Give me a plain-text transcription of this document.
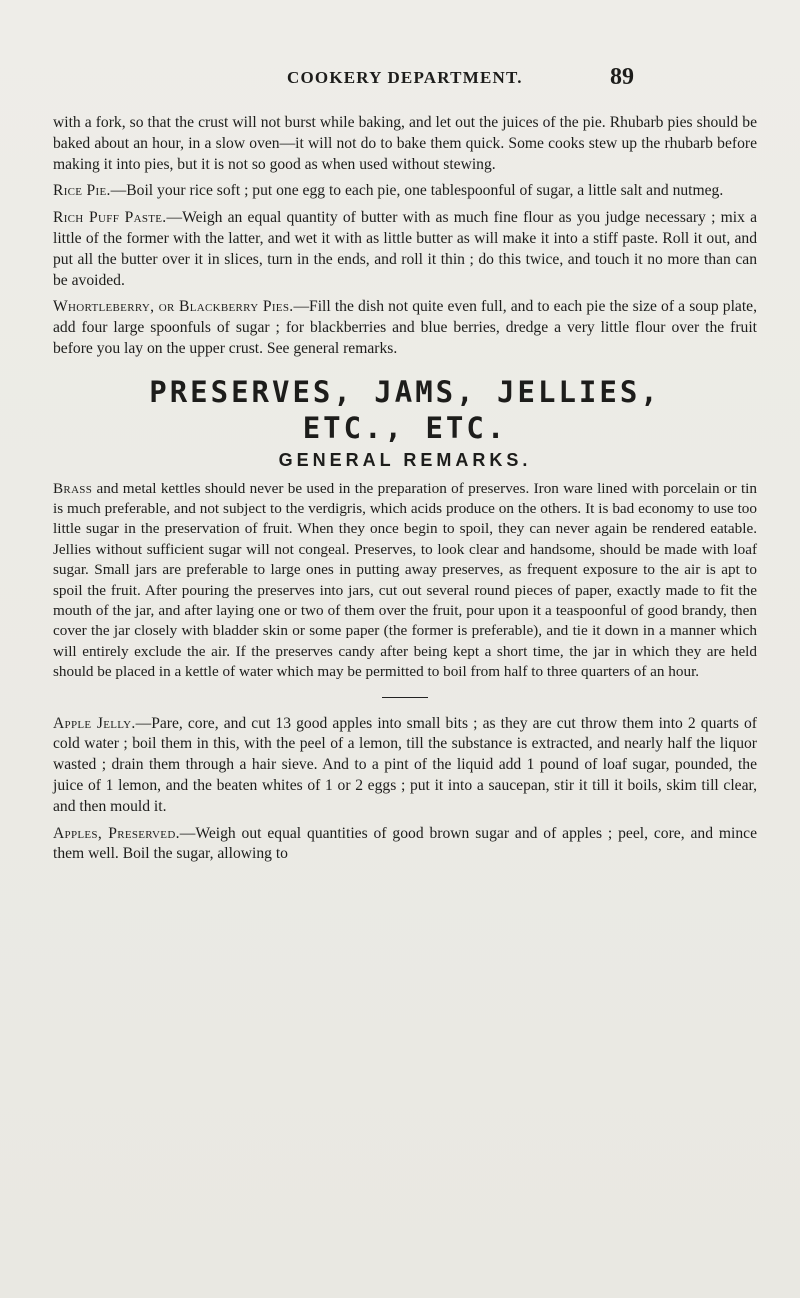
COOKERY DEPARTMENT.	89

with a fork, so that the crust will not burst while baking, and let out the juices of the pie. Rhubarb pies should be baked about an hour, in a slow oven—it will not do to bake them quick. Some cooks stew up the rhubarb before making it into pies, but it is not so good as when used without stewing.

Rice Pie.—Boil your rice soft ; put one egg to each pie, one tablespoonful of sugar, a little salt and nutmeg.

Rich Puff Paste.—Weigh an equal quantity of butter with as much fine flour as you judge necessary ; mix a little of the former with the latter, and wet it with as little butter as will make it into a stiff paste. Roll it out, and put all the butter over it in slices, turn in the ends, and roll it thin ; do this twice, and touch it no more than can be avoided.

Whortleberry, or Blackberry Pies.—Fill the dish not quite even full, and to each pie the size of a soup plate, add four large spoonfuls of sugar ; for blackberries and blue berries, dredge a very little flour over the fruit before you lay on the upper crust. See general remarks.

PRESERVES, JAMS, JELLIES,
ETC., ETC.
GENERAL REMARKS.

Brass and metal kettles should never be used in the preparation of preserves. Iron ware lined with porcelain or tin is much preferable, and not subject to the verdigris, which acids produce on the others. It is bad economy to use too little sugar in the preservation of fruit. When they once begin to spoil, they can never again be rendered eatable. Jellies without sufficient sugar will not congeal. Preserves, to look clear and handsome, should be made with loaf sugar. Small jars are preferable to large ones in putting away preserves, as frequent exposure to the air is apt to spoil the fruit. After pouring the preserves into jars, cut out several round pieces of paper, exactly made to fit the mouth of the jar, and after laying one or two of them over the fruit, pour upon it a teaspoonful of good brandy, then cover the jar closely with bladder skin or some paper (the former is preferable), and tie it down in a manner which will entirely exclude the air. If the preserves candy after being kept a short time, the jar in which they are held should be placed in a kettle of water which may be permitted to boil from half to three quarters of an hour.

Apple Jelly.—Pare, core, and cut 13 good apples into small bits ; as they are cut throw them into 2 quarts of cold water ; boil them in this, with the peel of a lemon, till the substance is extracted, and nearly half the liquor wasted ; drain them through a hair sieve. And to a pint of the liquid add 1 pound of loaf sugar, pounded, the juice of 1 lemon, and the beaten whites of 1 or 2 eggs ; put it into a saucepan, stir it till it boils, skim till clear, and then mould it.

Apples, Preserved.—Weigh out equal quantities of good brown sugar and of apples ; peel, core, and mince them well. Boil the sugar, allowing to
